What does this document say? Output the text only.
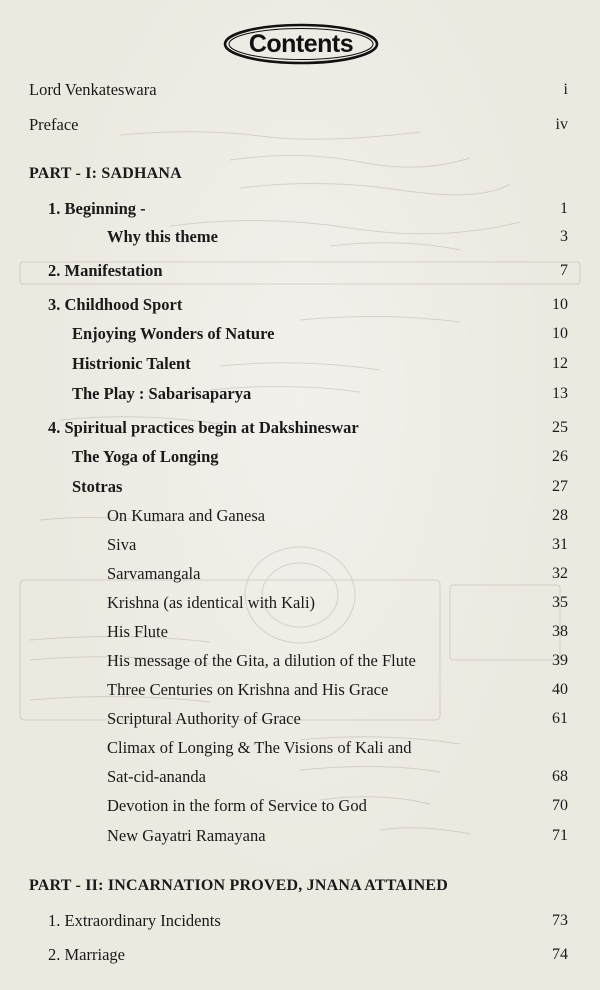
Contents
Lord Venkateswara	i
Preface	iv
PART - I: SADHANA
1. Beginning -	1
Why this theme	3
2. Manifestation	7
3. Childhood Sport	10
Enjoying Wonders of Nature	10
Histrionic Talent	12
The Play : Sabarisaparya	13
4. Spiritual practices begin at Dakshineswar	25
The Yoga of Longing	26
Stotras	27
On Kumara and Ganesa	28
Siva	31
Sarvamangala	32
Krishna (as identical with Kali)	35
His Flute	38
His message of the Gita, a dilution of the Flute	39
Three Centuries on Krishna and His Grace	40
Scriptural Authority of Grace	61
Climax of Longing & The Visions of Kali and
Sat-cid-ananda	68
Devotion in the form of Service to God	70
New Gayatri Ramayana	71
PART - II: INCARNATION PROVED, JNANA ATTAINED
1. Extraordinary Incidents	73
2. Marriage	74
